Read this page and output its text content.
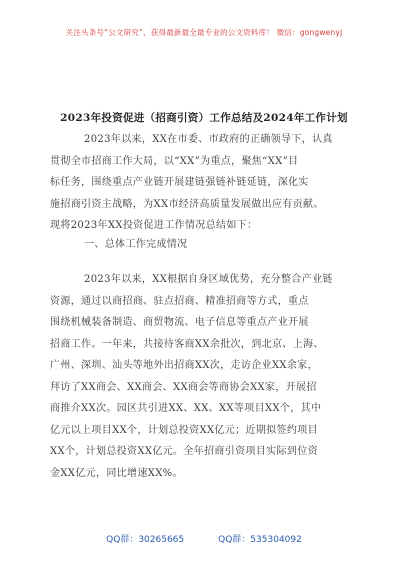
关注头条号“公文研究”，获得最新最全最专业的公文资料库！ 微信：gongwenyj
2023年投资促进（招商引资）工作总结及2024年工作计划
2023年以来，XX在市委、市政府的正确领导下，认真
贯彻全市招商工作大局，以“XX”为重点，聚焦“XX”目
标任务，围绕重点产业链开展建链强链补链延链，深化实
施招商引资主战略，为XX市经济高质量发展做出应有贡献。
现将2023年XX投资促进工作情况总结如下：
一、总体工作完成情况
2023年以来，XX根据自身区域优势，充分整合产业链
资源，通过以商招商、驻点招商、精准招商等方式，重点
围绕机械装备制造、商贸物流、电子信息等重点产业开展
招商工作。一年来，共接待客商XX余批次，到北京、上海、
广州、深圳、汕头等地外出招商XX次，走访企业XX余家，
拜访了XX商会、XX商会、XX商会等商协会XX家，开展招
商推介XX次。园区共引进XX、XX、XX等项目XX个，其中
亿元以上项目XX个，计划总投资XX亿元；近期拟签约项目
XX个，计划总投资XX亿元。全年招商引资项目实际到位资
金XX亿元，同比增速XX%。
QQ群：30265665	QQ群：535304092
